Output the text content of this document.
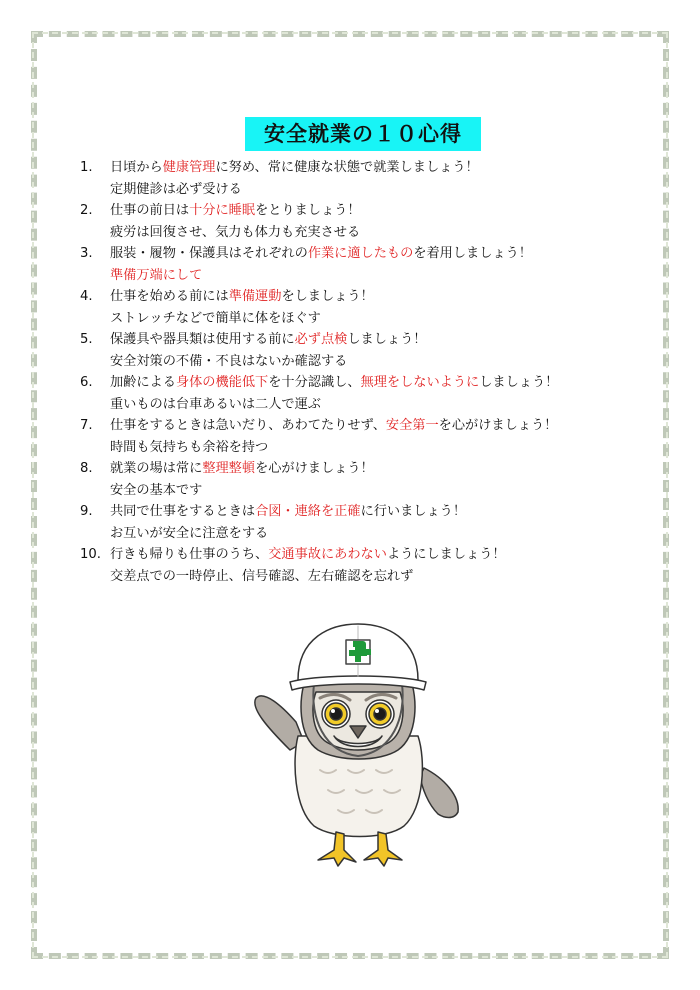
安全就業の１０心得
1. 日頃から健康管理に努め、常に健康な状態で就業しましょう！
定期健診は必ず受ける
2. 仕事の前日は十分に睡眠をとりましょう！
疲労は回復させ、気力も体力も充実させる
3. 服装・履物・保護具はそれぞれの作業に適したものを着用しましょう！
準備万端にして
4. 仕事を始める前には準備運動をしましょう！
ストレッチなどで簡単に体をほぐす
5. 保護具や器具類は使用する前に必ず点検しましょう！
安全対策の不備・不良はないか確認する
6. 加齢による身体の機能低下を十分認識し、無理をしないようにしましょう！
重いものは台車あるいは二人で運ぶ
7. 仕事をするときは急いだり、あわてたりせず、安全第一を心がけましょう！
時間も気持ちも余裕を持つ
8. 就業の場は常に整理整頓を心がけましょう！
安全の基本です
9. 共同で仕事をするときは合図・連絡を正確に行いましょう！
お互いが安全に注意をする
10. 行きも帰りも仕事のうち、交通事故にあわないようにしましょう！
交差点での一時停止、信号確認、左右確認を忘れず
